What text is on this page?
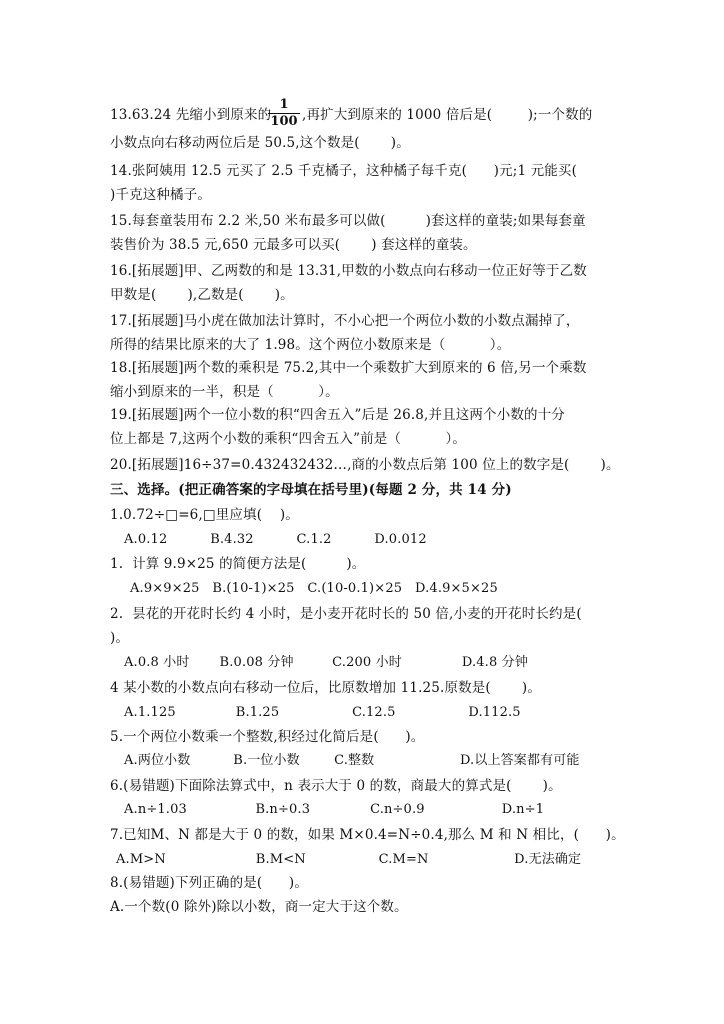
13.63.24 先缩小到原来的
1
100 ,再扩大到原来的 1000 倍后是(        );一个数的
小数点向右移动两位后是 50.5,这个数是(       )。
14.张阿姨用 12.5 元买了 2.5 千克橘子，这种橘子每千克(      )元;1 元能买(
)千克这种橘子。
15.每套童装用布 2.2 米,50 米布最多可以做(         )套这样的童装;如果每套童
装售价为 38.5 元,650 元最多可以买(       ) 套这样的童装。
16.[拓展题]甲、乙两数的和是 13.31,甲数的小数点向右移动一位正好等于乙数
甲数是(       ),乙数是(       )。
17.[拓展题]马小虎在做加法计算时，不小心把一个两位小数的小数点漏掉了，
所得的结果比原来的大了 1.98。这个两位小数原来是（          ）。
18.[拓展题]两个数的乘积是 75.2,其中一个乘数扩大到原来的 6 倍,另一个乘数
缩小到原来的一半，积是（          ）。
19.[拓展题]两个一位小数的积“四舍五入”后是 26.8,并且这两个小数的十分
位上都是 7,这两个小数的乘积“四舍五入”前是（          ）。
20.[拓展题]16÷37=0.432432432…,商的小数点后第 100 位上的数字是(       )。
三、选择。(把正确答案的字母填在括号里)(每题 2 分，共 14 分)
1.0.72÷□=6,□里应填(    )。
A.0.12          B.4.32          C.1.2          D.0.012
1.  计算 9.9×25 的简便方法是(         )。
A.9×9×25   B.(10-1)×25   C.(10-0.1)×25   D.4.9×5×25
2.  昙花的开花时长约 4 小时，是小麦开花时长的 50 倍,小麦的开花时长约是(
)。
A.0.8 小时       B.0.08 分钟         C.200 小时              D.4.8 分钟
4 某小数的小数点向右移动一位后，比原数增加 11.25.原数是(       )。
A.1.125              B.1.25                 C.12.5                 D.112.5
5.一个两位小数乘一个整数,积经过化简后是(      )。
A.两位小数          B.一位小数        C.整数                    D.以上答案都有可能
6.(易错题)下面除法算式中，n 表示大于 0 的数，商最大的算式是(       )。
A.n÷1.03                B.n÷0.3              C.n÷0.9                  D.n÷1
7.已知M、N 都是大于 0 的数，如果 M×0.4=N÷0.4,那么 M 和 N 相比，(      )。
A.M>N                     B.M<N                 C.M=N                    D.无法确定
8.(易错题)下列正确的是(      )。
A.一个数(0 除外)除以小数，商一定大于这个数。
